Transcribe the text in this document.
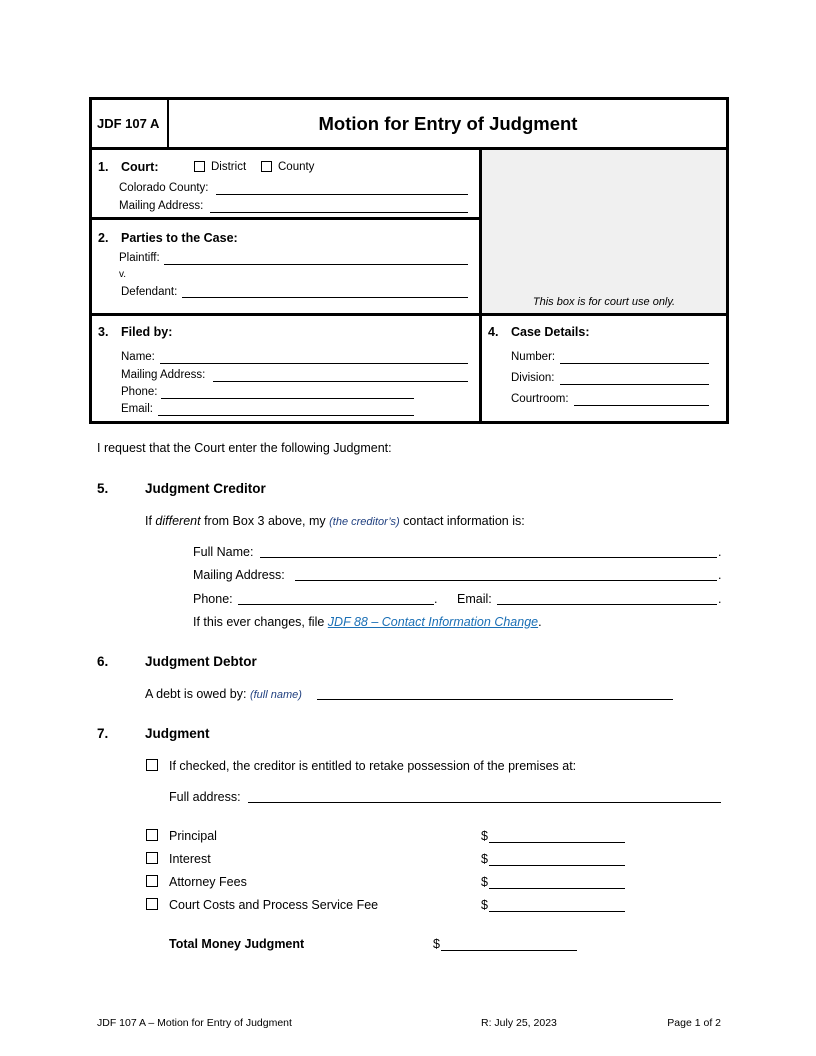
JDF 107 A	Motion for Entry of Judgment
1. Court:	District	County
Colorado County:
Mailing Address:
2. Parties to the Case:
Plaintiff:
v.
Defendant:
This box is for court use only.
3. Filed by:
Name:
Mailing Address:
Phone:
Email:
4. Case Details:
Number:
Division:
Courtroom:
I request that the Court enter the following Judgment:
5.	Judgment Creditor
If different from Box 3 above, my (the creditor’s) contact information is:
Full Name:	.
Mailing Address:	.
Phone:	. Email:	.
If this ever changes, file JDF 88 – Contact Information Change.
6.	Judgment Debtor
A debt is owed by: (full name)
7.	Judgment
If checked, the creditor is entitled to retake possession of the premises at:
Full address:
Principal	$
Interest	$
Attorney Fees	$
Court Costs and Process Service Fee	$
Total Money Judgment	$
JDF 107 A – Motion for Entry of Judgment	R: July 25, 2023	Page 1 of 2
